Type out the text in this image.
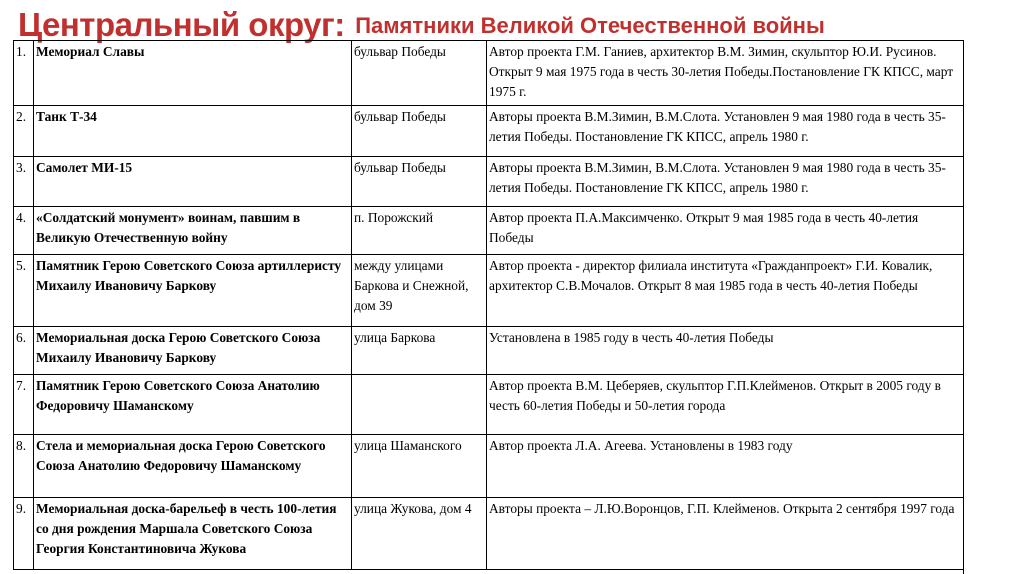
Центральный округ: Памятники Великой Отечественной войны
1.	Мемориал Славы	бульвар Победы	Автор проекта Г.М. Ганиев, архитектор В.М. Зимин, скульптор Ю.И. Русинов. Открыт 9 мая 1975 года в честь 30-летия Победы.Постановление ГК КПСС, март 1975 г.
2.	Танк Т-34	бульвар Победы	Авторы проекта В.М.Зимин, В.М.Слота. Установлен 9 мая 1980 года в честь 35-летия Победы. Постановление ГК КПСС, апрель 1980 г.
3.	Самолет МИ-15	бульвар Победы	Авторы проекта В.М.Зимин, В.М.Слота. Установлен 9 мая 1980 года в честь 35-летия Победы. Постановление ГК КПСС, апрель 1980 г.
4.	«Солдатский монумент» воинам, павшим в Великую Отечественную войну	п. Порожский	Автор проекта П.А.Максимченко. Открыт 9 мая 1985 года в честь 40-летия Победы
5.	Памятник Герою Советского Союза артиллеристу Михаилу Ивановичу Баркову	между улицами Баркова и Снежной, дом 39	Автор проекта - директор филиала института «Гражданпроект» Г.И. Ковалик, архитектор С.В.Мочалов. Открыт 8 мая 1985 года в честь 40-летия Победы
6.	Мемориальная доска Герою Советского Союза Михаилу Ивановичу Баркову	улица Баркова	Установлена в 1985 году в честь 40-летия Победы
7.	Памятник Герою Советского Союза Анатолию Федоровичу Шаманскому		Автор проекта В.М. Цеберяев, скульптор Г.П.Клейменов. Открыт в 2005 году в честь 60-летия Победы и 50-летия города
8.	Стела и мемориальная доска Герою Советского Союза Анатолию Федоровичу Шаманскому	улица Шаманского	Автор проекта Л.А. Агеева. Установлены в 1983 году
9.	Мемориальная доска-барельеф в честь 100-летия со дня рождения Маршала Советского Союза Георгия Константиновича Жукова	улица Жукова, дом 4	Авторы проекта – Л.Ю.Воронцов, Г.П. Клейменов. Открыта 2 сентября 1997 года
